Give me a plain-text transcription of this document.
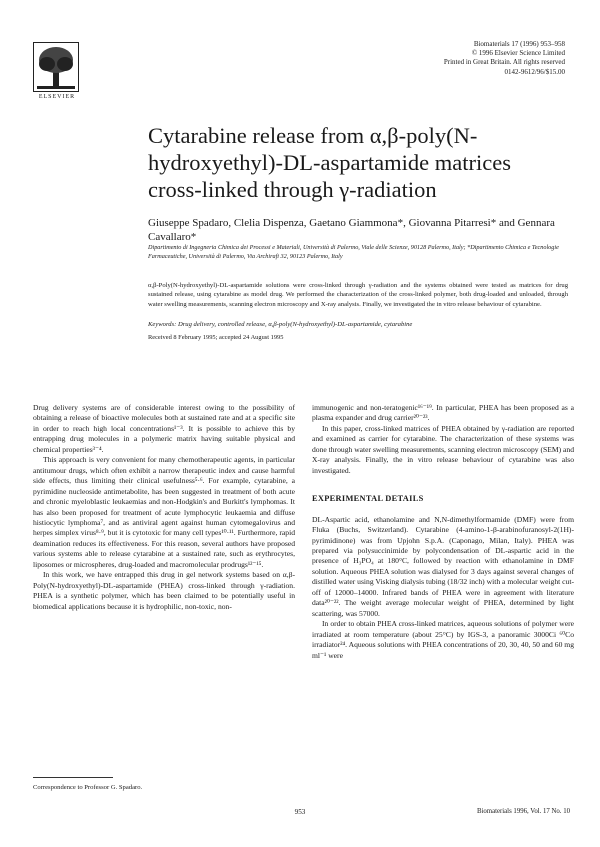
ELSEVIER
Biomaterials 17 (1996) 953–958
© 1996 Elsevier Science Limited
Printed in Great Britain. All rights reserved
0142-9612/96/$15.00
Cytarabine release from α,β-poly(N-hydroxyethyl)-DL-aspartamide matrices cross-linked through γ-radiation
Giuseppe Spadaro, Clelia Dispenza, Gaetano Giammona*, Giovanna Pitarresi* and Gennara Cavallaro*
Dipartimento di Ingegneria Chimica dei Processi e Materiali, Università di Palermo, Viale delle Scienze, 90128 Palermo, Italy; *Dipartimento Chimica e Tecnologie Farmaceutiche, Università di Palermo, Via Archirafi 32, 90123 Palermo, Italy
α,β-Poly(N-hydroxyethyl)-DL-aspartamide solutions were cross-linked through γ-radiation and the systems obtained were tested as matrices for drug sustained release, using cytarabine as model drug. We performed the characterization of the cross-linked polymer, both drug-loaded and unloaded, through water swelling measurements, scanning electron microscopy and X-ray analysis. Finally, we investigated the in vitro release behaviour of cytarabine.
Keywords: Drug delivery, controlled release, α,β-poly(N-hydroxyethyl)-DL-aspartamide, cytarabine
Received 8 February 1995; accepted 24 August 1995

Drug delivery systems are of considerable interest owing to the possibility of obtaining a release of bioactive molecules both at sustained rate and at a specific site in order to reach high local concentrations¹⁻³. It is possible to achieve this by entrapping drug molecules in a polymeric matrix having suitable physical and chemical properties³⁻⁴.

This approach is very convenient for many chemotherapeutic agents, in particular antitumour drugs, which often exhibit a narrow therapeutic index and cause harmful side effects, thus limiting their clinical usefulness⁵·⁶. For example, cytarabine, a pyrimidine nucleoside antimetabolite, has been suggested in treatment of both acute and chronic myeloblastic leukaemias and non-Hodgkin's and Burkitt's lymphomas. It has also been proposed for treatment of acute lymphocytic leukaemia and diffuse histiocytic lymphoma⁷, and as antiviral agent against human cytomegalovirus and herpes simplex virus⁸·⁹, but it is cytotoxic for many cell types¹⁰·¹¹. Furthermore, rapid deamination reduces its effectiveness. For this reason, several authors have proposed various systems able to release cytarabine at a sustained rate, such as erythrocytes, liposomes or microspheres, drug-loaded and macromolecular prodrugs¹²⁻¹⁵.

In this work, we have entrapped this drug in gel network systems based on α,β-Poly(N-hydroxyethyl)-DL-aspartamide (PHEA) cross-linked through γ-radiation. PHEA is a synthetic polymer, which has been claimed to be potentially useful in biomedical applications because it is hydrophilic, non-toxic, non-

immunogenic and non-teratogenic¹⁶⁻¹⁹. In particular, PHEA has been proposed as a plasma expander and drug carrier²⁰⁻²³.

In this paper, cross-linked matrices of PHEA obtained by γ-radiation are reported and examined as carrier for cytarabine. The characterization of these systems was done through water swelling measurements, scanning electron microscopy (SEM) and X-ray analysis. Finally, the in vitro release behaviour of cytarabine was also investigated.

EXPERIMENTAL DETAILS

DL-Aspartic acid, ethanolamine and N,N-dimethylformamide (DMF) were from Fluka (Buchs, Switzerland). Cytarabine (4-amino-1-β-arabinofuranosyl-2(1H)-pyrimidinone) was from Upjohn S.p.A. (Caponago, Milan, Italy). PHEA was prepared via polysuccinimide by polycondensation of DL-aspartic acid in the presence of H₃PO₄ at 180°C, followed by reaction with ethanolamine in DMF solution. Aqueous PHEA solution was dialysed for 3 days against several changes of distilled water using Visking dialysis tubing (18/32 inch) with a molecular weight cut-off of 12000–14000. Infrared bands of PHEA were in agreement with literature data²⁰⁻²². The weight average molecular weight of PHEA, determined by light scattering, was 57000.

In order to obtain PHEA cross-linked matrices, aqueous solutions of polymer were irradiated at room temperature (about 25°C) by IGS-3, a panoramic 3000Ci ⁶⁰Co irradiator²⁴. Aqueous solutions with PHEA concentrations of 20, 30, 40, 50 and 60 mg ml⁻¹ were

Correspondence to Professor G. Spadaro.
953	Biomaterials 1996, Vol. 17 No. 10
